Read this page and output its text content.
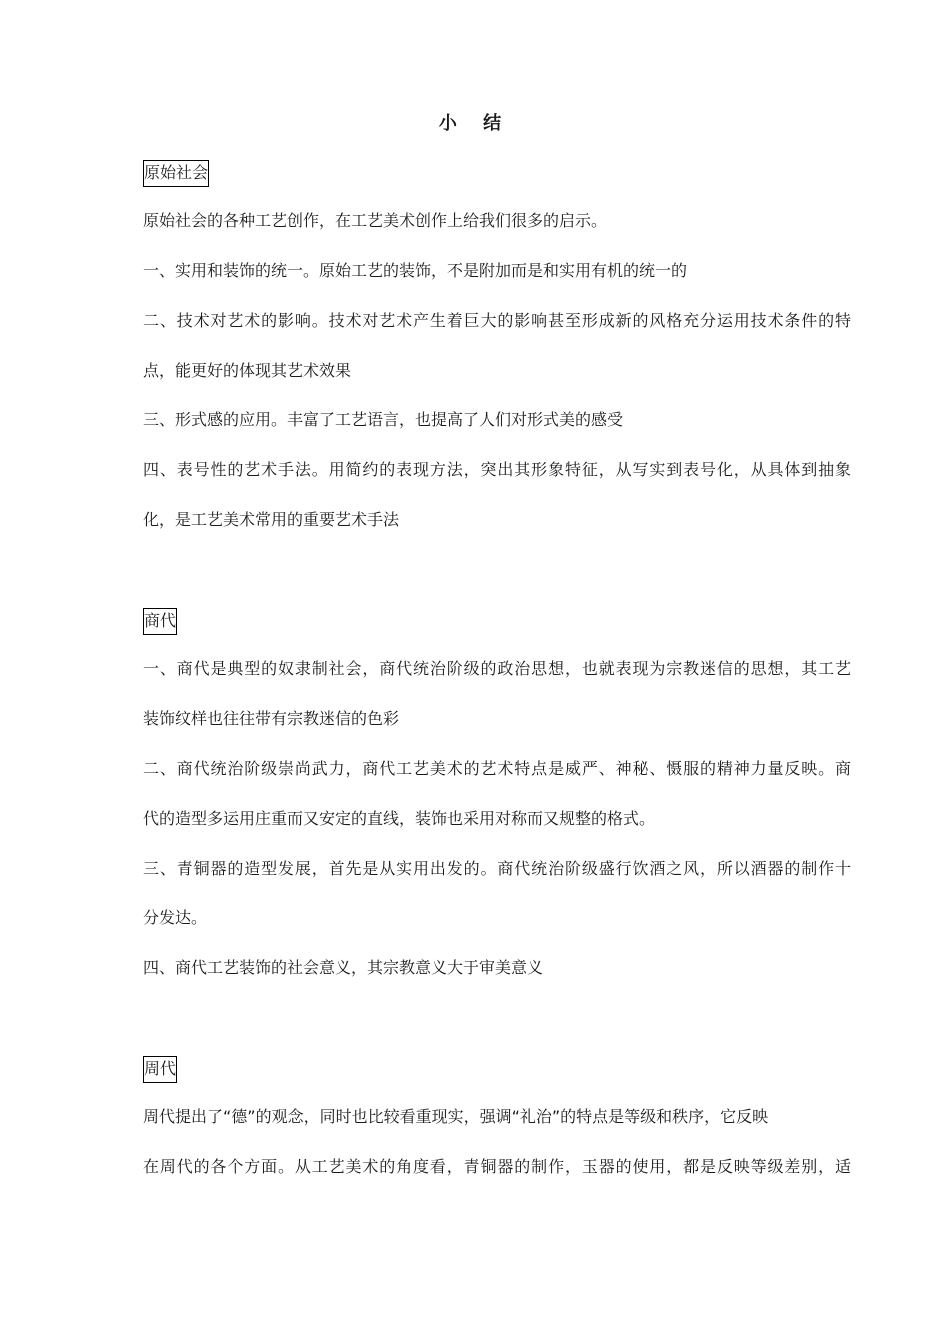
小 结
原始社会
原始社会的各种工艺创作，在工艺美术创作上给我们很多的启示。
一、实用和装饰的统一。原始工艺的装饰，不是附加而是和实用有机的统一的
二、技术对艺术的影响。技术对艺术产生着巨大的影响甚至形成新的风格充分运用技术条件的特
点，能更好的体现其艺术效果
三、形式感的应用。丰富了工艺语言，也提高了人们对形式美的感受
四、表号性的艺术手法。用简约的表现方法，突出其形象特征，从写实到表号化，从具体到抽象
化，是工艺美术常用的重要艺术手法
商代
一、商代是典型的奴隶制社会，商代统治阶级的政治思想，也就表现为宗教迷信的思想，其工艺
装饰纹样也往往带有宗教迷信的色彩
二、商代统治阶级崇尚武力，商代工艺美术的艺术特点是威严、神秘、慑服的精神力量反映。商
代的造型多运用庄重而又安定的直线，装饰也采用对称而又规整的格式。
三、青铜器的造型发展，首先是从实用出发的。商代统治阶级盛行饮酒之风，所以酒器的制作十
分发达。
四、商代工艺装饰的社会意义，其宗教意义大于审美意义
周代
周代提出了“德”的观念，同时也比较看重现实，强调“礼治”的特点是等级和秩序，它反映
在周代的各个方面。从工艺美术的角度看，青铜器的制作，玉器的使用，都是反映等级差别，适
